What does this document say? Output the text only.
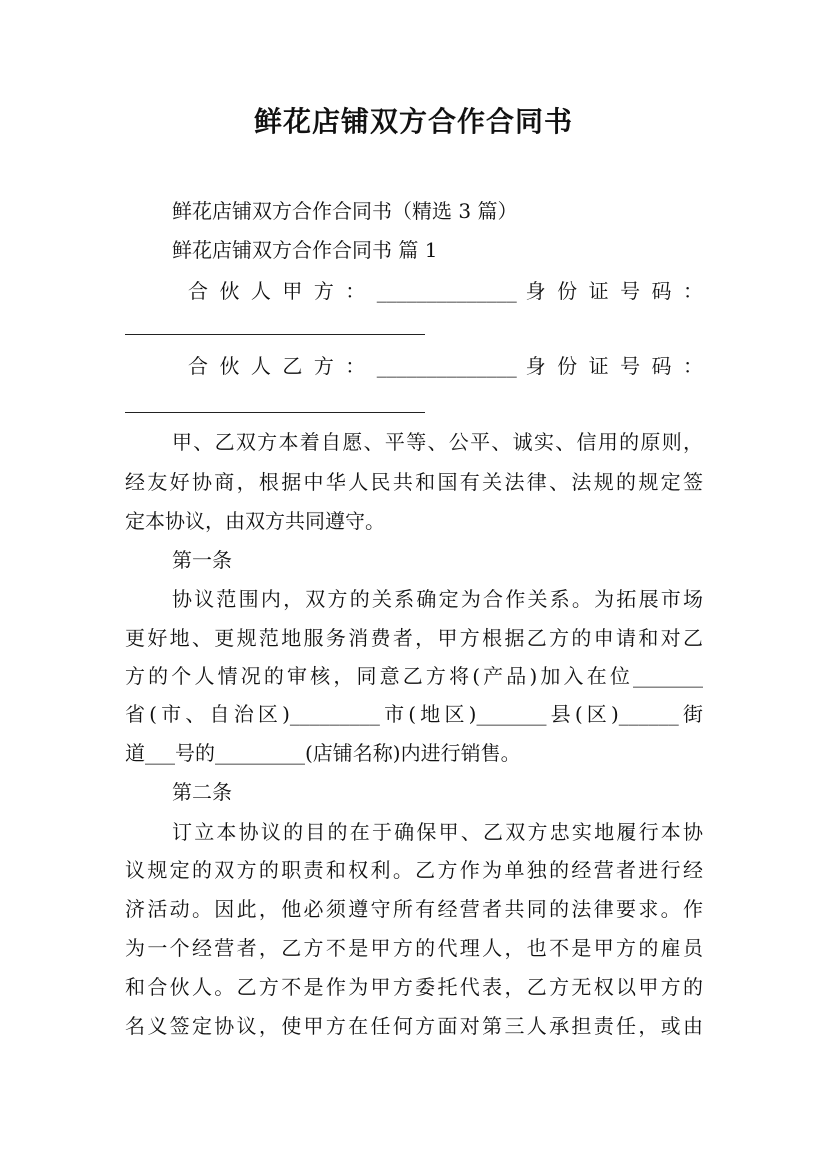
鲜花店铺双方合作合同书
鲜花店铺双方合作合同书（精选 3 篇）
鲜花店铺双方合作合同书 篇 1
合 伙 人 甲 方 ： ______________ 身 份 证 号 码 ：
合 伙 人 乙 方 ： ______________ 身 份 证 号 码 ：
甲、乙双方本着自愿、平等、公平、诚实、信用的原则，
经友好协商，根据中华人民共和国有关法律、法规的规定签
定本协议，由双方共同遵守。
第一条
协议范围内，双方的关系确定为合作关系。为拓展市场
更好地、更规范地服务消费者，甲方根据乙方的申请和对乙
方的个人情况的审核，同意乙方将(产品)加入在位_______
省(市、自治区)_________市(地区)_______县(区)______街
道___号的_________(店铺名称)内进行销售。
第二条
订立本协议的目的在于确保甲、乙双方忠实地履行本协
议规定的双方的职责和权利。乙方作为单独的经营者进行经
济活动。因此，他必须遵守所有经营者共同的法律要求。作
为一个经营者，乙方不是甲方的代理人，也不是甲方的雇员
和合伙人。乙方不是作为甲方委托代表，乙方无权以甲方的
名义签定协议，使甲方在任何方面对第三人承担责任，或由
